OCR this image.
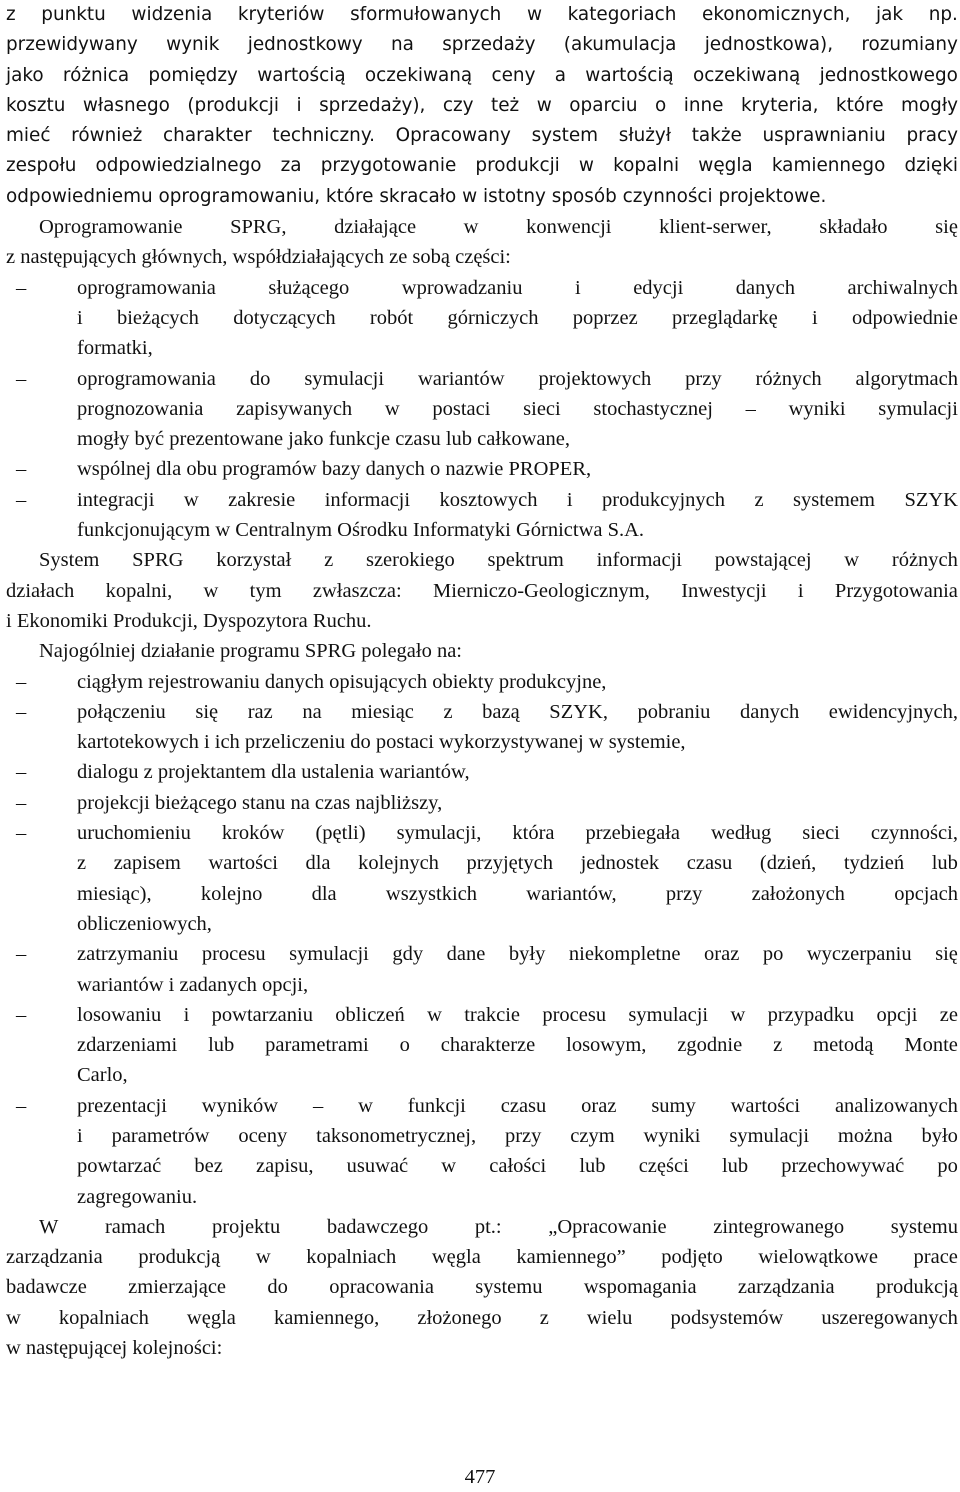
z punktu widzenia kryteriów sformułowanych w kategoriach ekonomicznych, jak np.
przewidywany wynik jednostkowy na sprzedaży (akumulacja jednostkowa), rozumiany
jako różnica pomiędzy wartością oczekiwaną ceny a wartością oczekiwaną jednostkowego
kosztu własnego (produkcji i sprzedaży), czy też w oparciu o inne kryteria, które mogły
mieć również charakter techniczny. Opracowany system służył także usprawnianiu pracy
zespołu odpowiedzialnego za przygotowanie produkcji w kopalni węgla kamiennego dzięki
odpowiedniemu oprogramowaniu, które skracało w istotny sposób czynności projektowe.
Oprogramowanie SPRG, działające w konwencji klient-serwer, składało się
z następujących głównych, współdziałających ze sobą części:
– oprogramowania	służącego	wprowadzaniu	i	edycji	danych	archiwalnych
i bieżących dotyczących robót górniczych poprzez przeglądarkę i odpowiednie
formatki,
– oprogramowania do symulacji wariantów projektowych przy różnych algorytmach
prognozowania zapisywanych w postaci sieci stochastycznej – wyniki symulacji
mogły być prezentowane jako funkcje czasu lub całkowane,
– wspólnej dla obu programów bazy danych o nazwie PROPER,
– integracji w zakresie informacji kosztowych i produkcyjnych z systemem SZYK
funkcjonującym w Centralnym Ośrodku Informatyki Górnictwa S.A.
System SPRG korzystał z szerokiego spektrum informacji powstającej w różnych
działach kopalni, w tym zwłaszcza: Mierniczo-Geologicznym, Inwestycji i Przygotowania
i Ekonomiki Produkcji, Dyspozytora Ruchu.
Najogólniej działanie programu SPRG polegało na:
– ciągłym rejestrowaniu danych opisujących obiekty produkcyjne,
– połączeniu się raz na miesiąc z bazą SZYK, pobraniu danych ewidencyjnych,
kartotekowych i ich przeliczeniu do postaci wykorzystywanej w systemie,
– dialogu z projektantem dla ustalenia wariantów,
– projekcji bieżącego stanu na czas najbliższy,
– uruchomieniu kroków (pętli) symulacji, która przebiegała według sieci czynności,
z zapisem wartości dla kolejnych przyjętych jednostek czasu (dzień, tydzień lub
miesiąc), kolejno dla wszystkich wariantów, przy założonych opcjach
obliczeniowych,
– zatrzymaniu procesu symulacji gdy dane były niekompletne oraz po wyczerpaniu się
wariantów i zadanych opcji,
– losowaniu i powtarzaniu obliczeń w trakcie procesu symulacji w przypadku opcji ze
zdarzeniami lub parametrami o charakterze losowym, zgodnie z metodą Monte
Carlo,
– prezentacji wyników – w funkcji czasu oraz sumy wartości analizowanych
i parametrów oceny taksonometrycznej, przy czym wyniki symulacji można było
powtarzać bez zapisu, usuwać w całości lub części lub przechowywać po
zagregowaniu.
W ramach projektu badawczego pt.: „Opracowanie zintegrowanego systemu
zarządzania produkcją w kopalniach węgla kamiennego” podjęto wielowątkowe prace
badawcze zmierzające do opracowania systemu wspomagania zarządzania produkcją
w kopalniach węgla kamiennego, złożonego z wielu podsystemów uszeregowanych
w następującej kolejności:
477
